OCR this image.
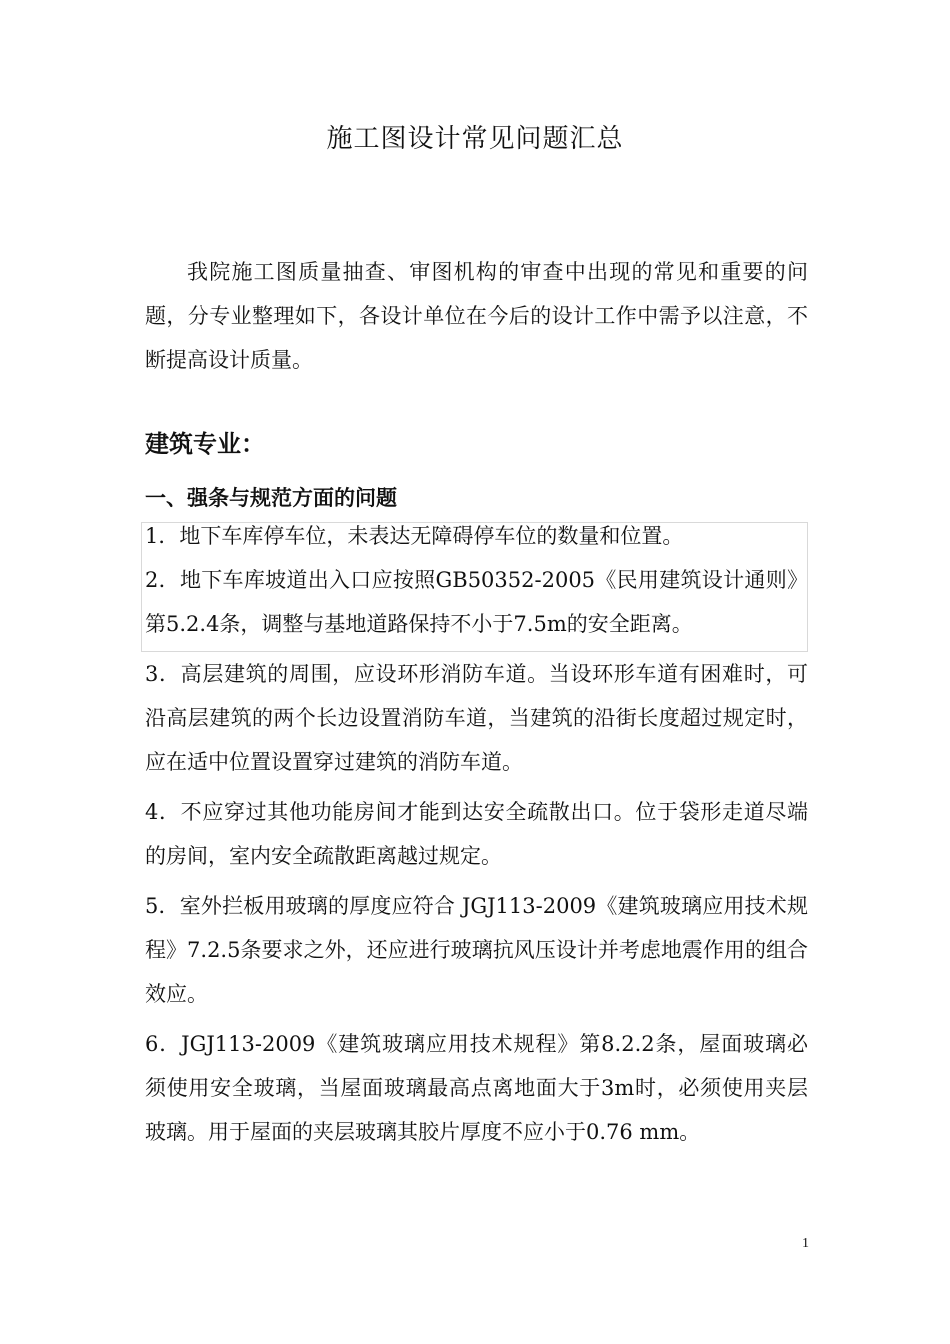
施工图设计常见问题汇总

我院施工图质量抽查、审图机构的审查中出现的常见和重要的问题，分专业整理如下，各设计单位在今后的设计工作中需予以注意，不断提高设计质量。

建筑专业：
一、强条与规范方面的问题

1．地下车库停车位，未表达无障碍停车位的数量和位置。

2．地下车库坡道出入口应按照GB50352-2005《民用建筑设计通则》第5.2.4条，调整与基地道路保持不小于7.5m的安全距离。

3．高层建筑的周围，应设环形消防车道。当设环形车道有困难时，可沿高层建筑的两个长边设置消防车道，当建筑的沿街长度超过规定时，应在适中位置设置穿过建筑的消防车道。

4．不应穿过其他功能房间才能到达安全疏散出口。位于袋形走道尽端的房间，室内安全疏散距离越过规定。

5．室外拦板用玻璃的厚度应符合 JGJ113-2009《建筑玻璃应用技术规程》7.2.5条要求之外，还应进行玻璃抗风压设计并考虑地震作用的组合效应。

6．JGJ113-2009《建筑玻璃应用技术规程》第8.2.2条，屋面玻璃必须使用安全玻璃，当屋面玻璃最高点离地面大于3m时，必须使用夹层玻璃。用于屋面的夹层玻璃其胶片厚度不应小于0.76 mm。

1
